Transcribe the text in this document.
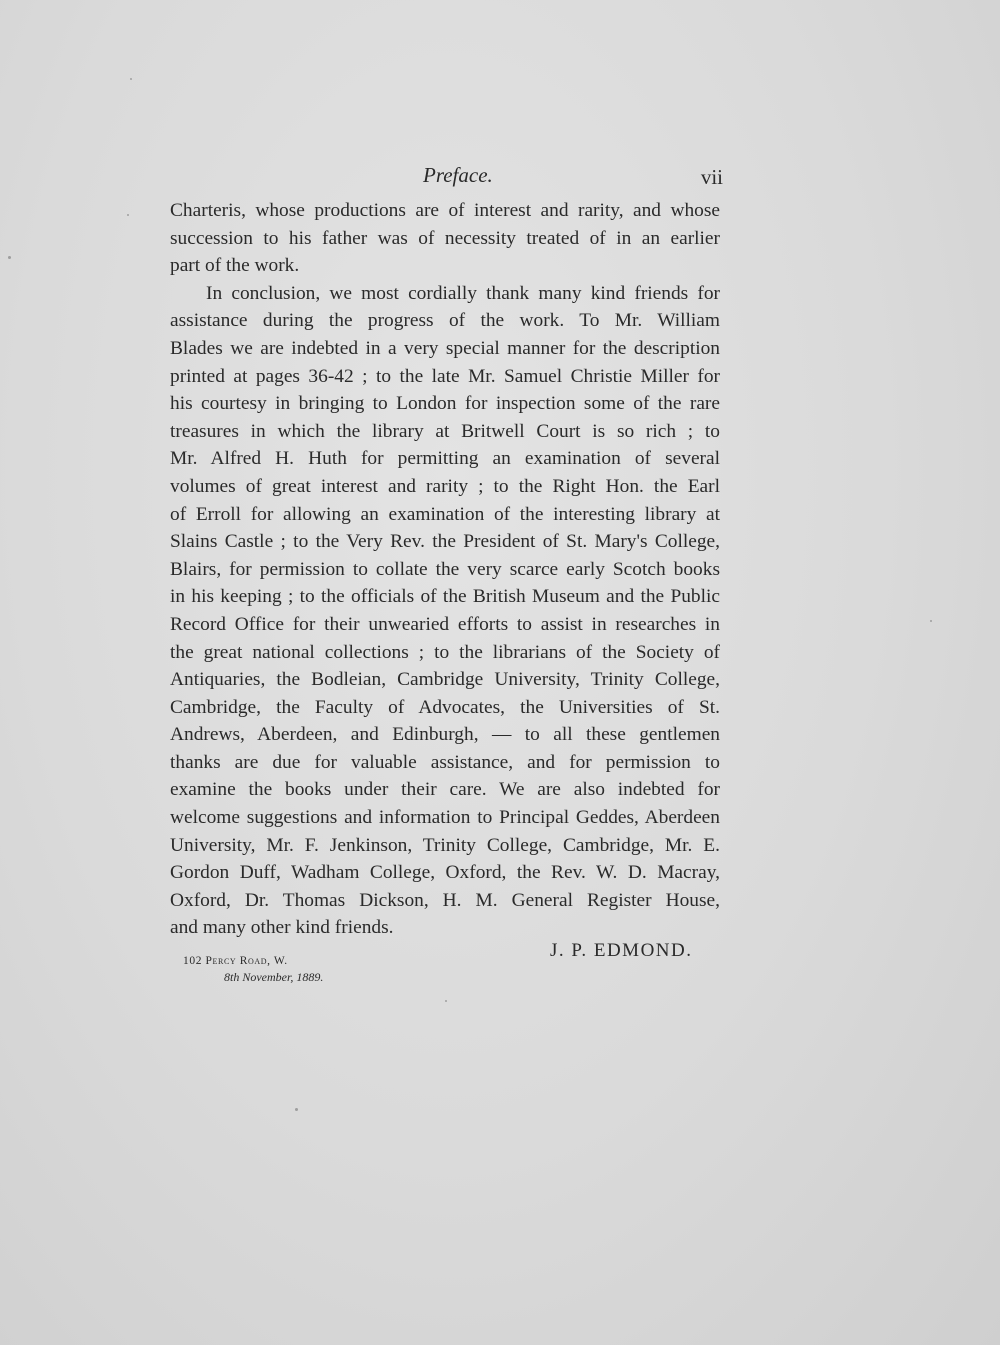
Preface.	vii
Charteris, whose productions are of interest and rarity, and whose
succession to his father was of necessity treated of in an earlier
part of the work.
In conclusion, we most cordially thank many kind friends for
assistance during the progress of the work. To Mr. William
Blades we are indebted in a very special manner for the description
printed at pages 36-42 ; to the late Mr. Samuel Christie Miller for
his courtesy in bringing to London for inspection some of the rare
treasures in which the library at Britwell Court is so rich ; to
Mr. Alfred H. Huth for permitting an examination of several
volumes of great interest and rarity ; to the Right Hon. the Earl
of Erroll for allowing an examination of the interesting library at
Slains Castle ; to the Very Rev. the President of St. Mary's College,
Blairs, for permission to collate the very scarce early Scotch books
in his keeping ; to the officials of the British Museum and the Public
Record Office for their unwearied efforts to assist in researches in
the great national collections ; to the librarians of the Society of
Antiquaries, the Bodleian, Cambridge University, Trinity College,
Cambridge, the Faculty of Advocates, the Universities of St.
Andrews, Aberdeen, and Edinburgh, — to all these gentlemen
thanks are due for valuable assistance, and for permission to
examine the books under their care. We are also indebted for
welcome suggestions and information to Principal Geddes, Aberdeen
University, Mr. F. Jenkinson, Trinity College, Cambridge, Mr. E.
Gordon Duff, Wadham College, Oxford, the Rev. W. D. Macray,
Oxford, Dr. Thomas Dickson, H. M. General Register House,
and many other kind friends.
J. P. EDMOND.
102 Percy Road, W.
8th November, 1889.
